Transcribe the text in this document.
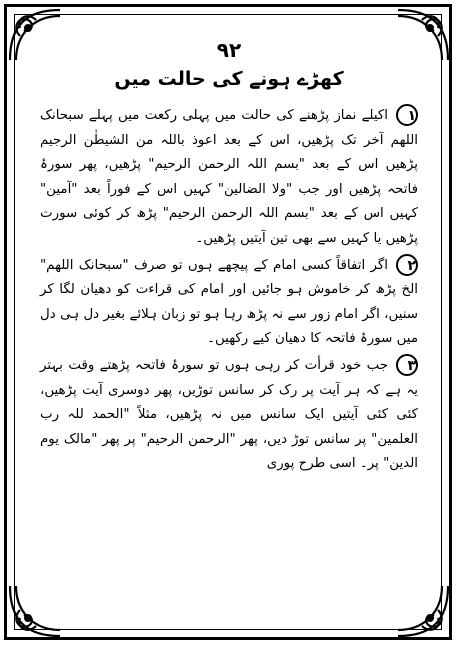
٩٢
کھڑے ہونے کی حالت میں

١اکیلے نماز پڑھنے کی حالت میں پہلی رکعت میں پہلے سبحانک اللھم آخر تک پڑھیں، اس کے بعد اعوذ باللہ من الشیطٰن الرجیم پڑھیں اس کے بعد "بسم اللہ الرحمن الرحیم" پڑھیں، پھر سورۂ فاتحہ پڑھیں اور جب "ولا الضالین" کہیں اس کے فوراً بعد "آمین" کہیں اس کے بعد "بسم اللہ الرحمن الرحیم" پڑھ کر کوئی سورت پڑھیں یا کہیں سے بھی تین آیتیں پڑھیں۔

٢اگر اتفاقاً کسی امام کے پیچھے ہوں تو صرف "سبحانک اللھم" الخ پڑھ کر خاموش ہو جائیں اور امام کی قراءت کو دھیان لگا کر سنیں، اگر امام زور سے نہ پڑھ رہا ہو تو زبان ہلائے بغیر دل ہی دل میں سورۂ فاتحہ کا دھیان کیے رکھیں۔

٣جب خود قرأت کر رہی ہوں تو سورۂ فاتحہ پڑھتے وقت بہتر یہ ہے کہ ہر آیت پر رک کر سانس توڑیں، پھر دوسری آیت پڑھیں، کئی کئی آیتیں ایک سانس میں نہ پڑھیں، مثلاً "الحمد للہ رب العلمین" پر سانس توڑ دیں، پھر "الرحمن الرحیم" پر پھر "مالک یوم الدین" پر۔ اسی طرح پوری
